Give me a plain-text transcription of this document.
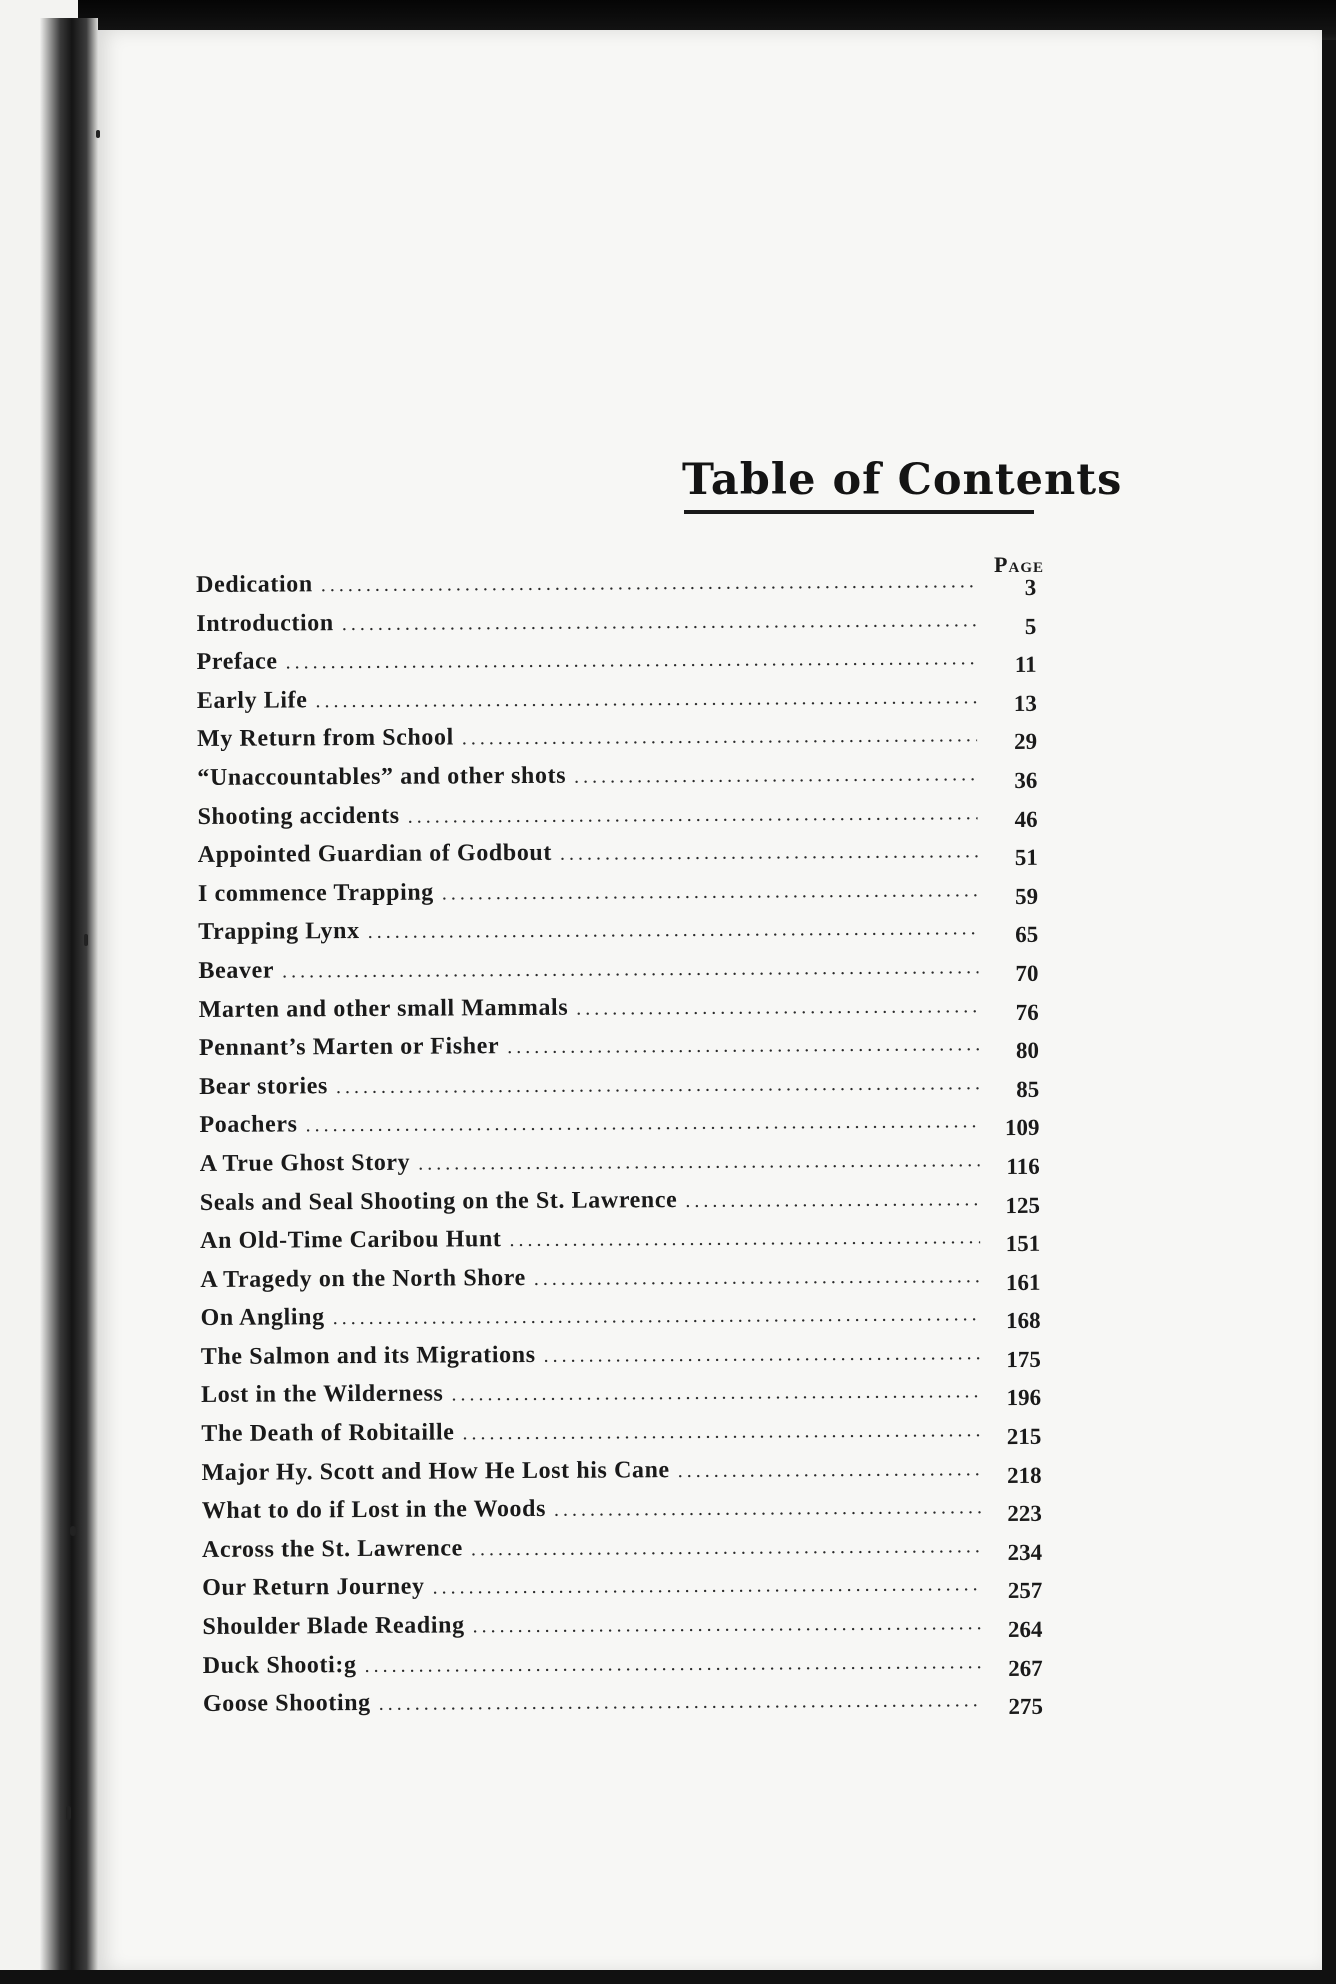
Table of Contents
Page
Dedication .....	3
Introduction .....	5
Preface .....	11
Early Life .....	13
My Return from School .....	29
“Unaccountables” and other shots .....	36
Shooting accidents .....	46
Appointed Guardian of Godbout .....	51
I commence Trapping .....	59
Trapping Lynx .....	65
Beaver .....	70
Marten and other small Mammals .....	76
Pennant’s Marten or Fisher .....	80
Bear stories .....	85
Poachers .....	109
A True Ghost Story .....	116
Seals and Seal Shooting on the St. Lawrence .....	125
An Old-Time Caribou Hunt .....	151
A Tragedy on the North Shore .....	161
On Angling .....	168
The Salmon and its Migrations .....	175
Lost in the Wilderness .....	196
The Death of Robitaille .....	215
Major Hy. Scott and How He Lost his Cane .....	218
What to do if Lost in the Woods .....	223
Across the St. Lawrence .....	234
Our Return Journey .....	257
Shoulder Blade Reading .....	264
Duck Shooti:g .....	267
Goose Shooting .....	275
